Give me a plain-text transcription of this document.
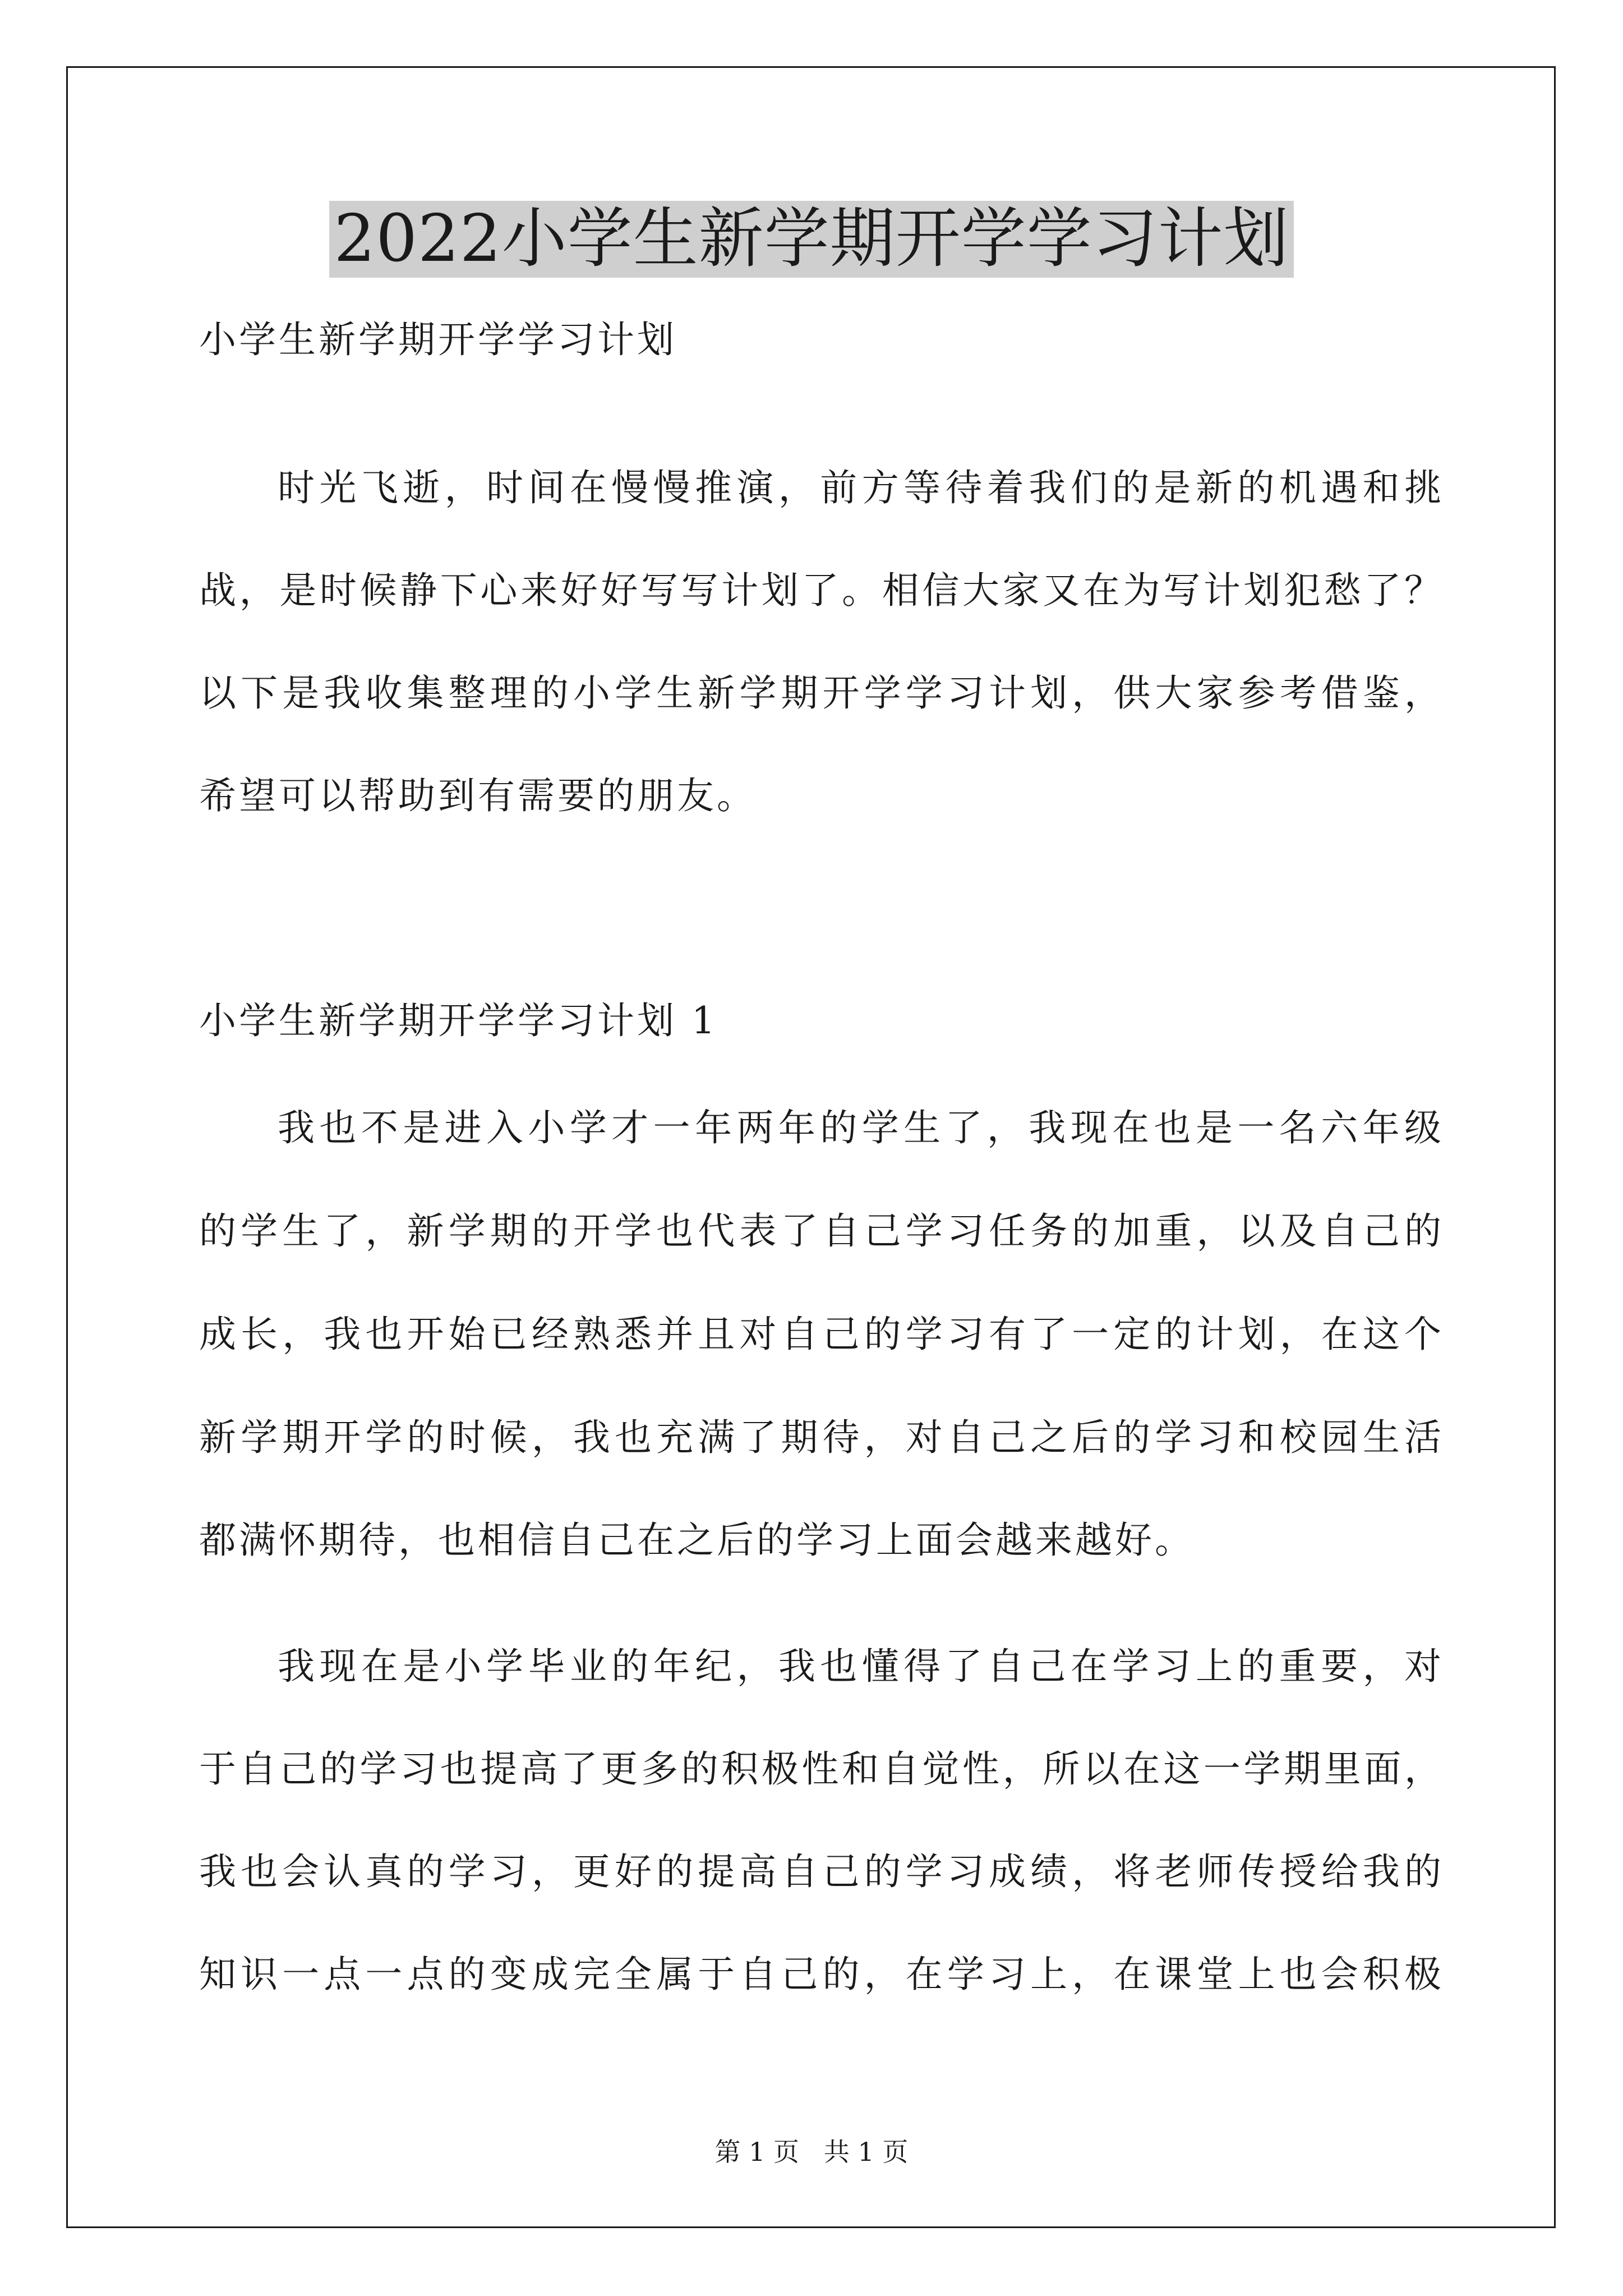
2022小学生新学期开学学习计划
小学生新学期开学学习计划
时光飞逝，时间在慢慢推演，前方等待着我们的是新的机遇和挑
战，是时候静下心来好好写写计划了。相信大家又在为写计划犯愁了？
以下是我收集整理的小学生新学期开学学习计划，供大家参考借鉴，
希望可以帮助到有需要的朋友。
小学生新学期开学学习计划 1
我也不是进入小学才一年两年的学生了，我现在也是一名六年级
的学生了，新学期的开学也代表了自己学习任务的加重，以及自己的
成长，我也开始已经熟悉并且对自己的学习有了一定的计划，在这个
新学期开学的时候，我也充满了期待，对自己之后的学习和校园生活
都满怀期待，也相信自己在之后的学习上面会越来越好。
我现在是小学毕业的年纪，我也懂得了自己在学习上的重要，对
于自己的学习也提高了更多的积极性和自觉性，所以在这一学期里面，
我也会认真的学习，更好的提高自己的学习成绩，将老师传授给我的
知识一点一点的变成完全属于自己的，在学习上，在课堂上也会积极
第 1 页   共 1 页
